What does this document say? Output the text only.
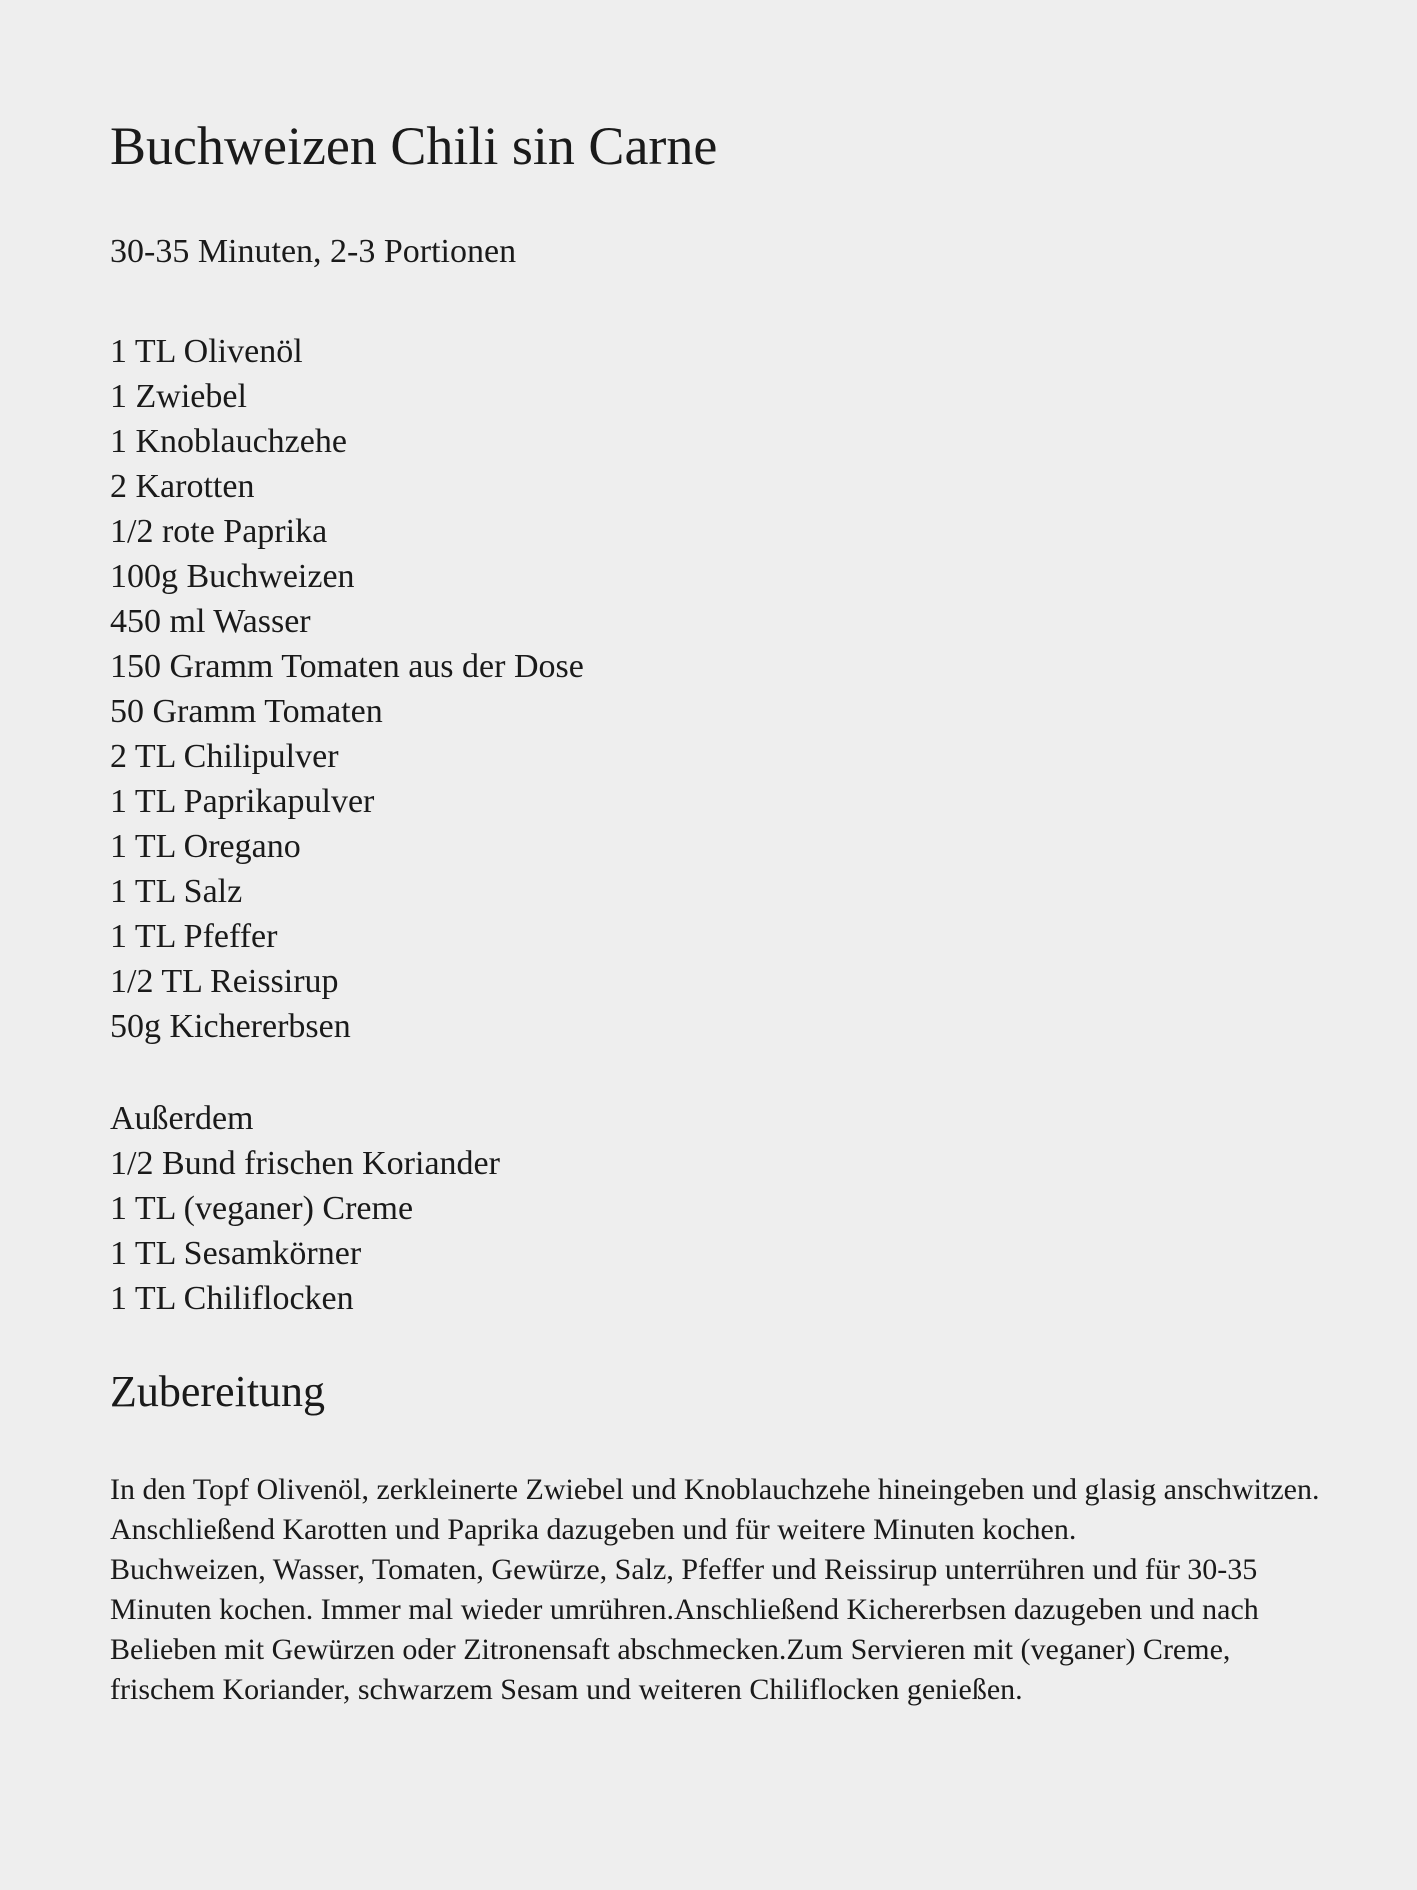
Buchweizen Chili sin Carne

30-35 Minuten, 2-3 Portionen

1 TL Olivenöl
1 Zwiebel
1 Knoblauchzehe
2 Karotten
1/2 rote Paprika
100g Buchweizen
450 ml Wasser
150 Gramm Tomaten aus der Dose
50 Gramm Tomaten
2 TL Chilipulver
1 TL Paprikapulver
1 TL Oregano
1 TL Salz
1 TL Pfeffer
1/2 TL Reissirup
50g Kichererbsen
Außerdem
1/2 Bund frischen Koriander
1 TL (veganer) Creme
1 TL Sesamkörner
1 TL Chiliflocken
Zubereitung

In den Topf Olivenöl, zerkleinerte Zwiebel und Knoblauchzehe hineingeben und glasig anschwitzen. Anschließend Karotten und Paprika dazugeben und für weitere Minuten kochen.

Buchweizen, Wasser, Tomaten, Gewürze, Salz, Pfeffer und Reissirup unterrühren und für 30-35 Minuten kochen. Immer mal wieder umrühren.Anschließend Kichererbsen dazugeben und nach Belieben mit Gewürzen oder Zitronensaft abschmecken.Zum Servieren mit (veganer) Creme, frischem Koriander, schwarzem Sesam und weiteren Chiliflocken genießen.
